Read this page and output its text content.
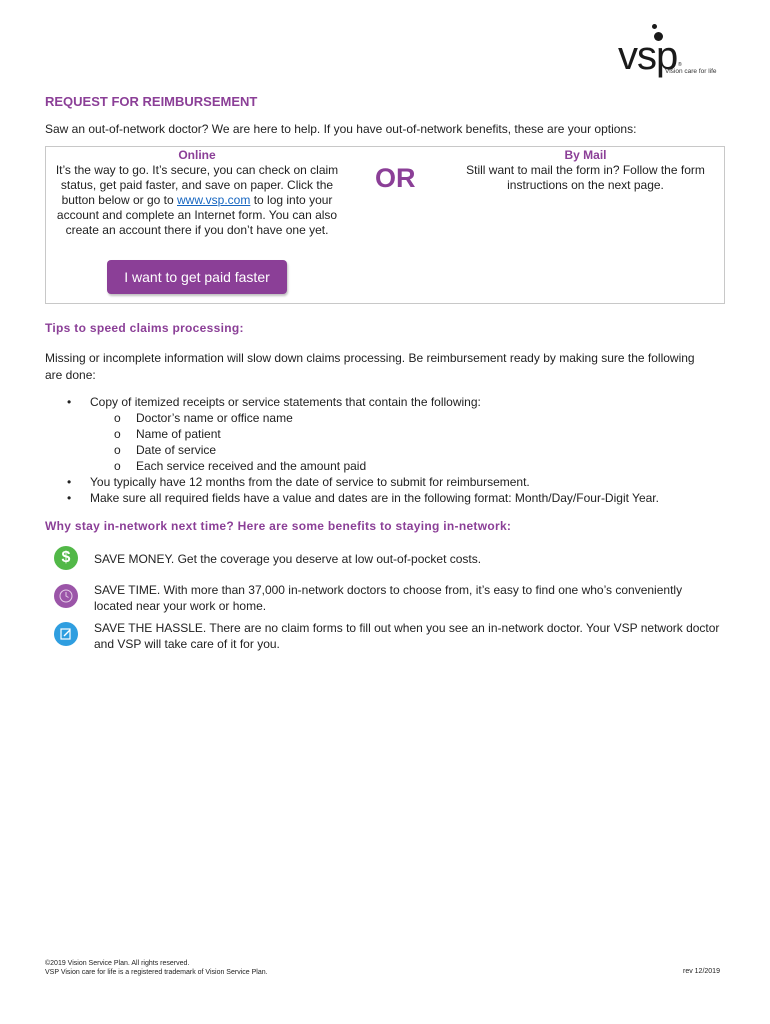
vsp ®
Vision care for life
REQUEST FOR REIMBURSEMENT
Saw an out-of-network doctor? We are here to help. If you have out-of-network benefits, these are your options:
Online
It’s the way to go. It’s secure, you can check on claim status, get paid faster, and save on paper. Click the button below or go to www.vsp.com to log into your account and complete an Internet form. You can also create an account there if you don’t have one yet.
OR
By Mail
Still want to mail the form in? Follow the form instructions on the next page.
I want to get paid faster
Tips to speed claims processing:
Missing or incomplete information will slow down claims processing. Be reimbursement ready by making sure the following are done:
• Copy of itemized receipts or service statements that contain the following:
o Doctor’s name or office name
o Name of patient
o Date of service
o Each service received and the amount paid
• You typically have 12 months from the date of service to submit for reimbursement.
• Make sure all required fields have a value and dates are in the following format: Month/Day/Four-Digit Year.
Why stay in-network next time? Here are some benefits to staying in-network:
$ SAVE MONEY. Get the coverage you deserve at low out-of-pocket costs.
SAVE TIME. With more than 37,000 in-network doctors to choose from, it’s easy to find one who’s conveniently located near your work or home.
SAVE THE HASSLE. There are no claim forms to fill out when you see an in-network doctor. Your VSP network doctor and VSP will take care of it for you.
©2019 Vision Service Plan. All rights reserved.
VSP Vision care for life is a registered trademark of Vision Service Plan.	rev 12/2019
